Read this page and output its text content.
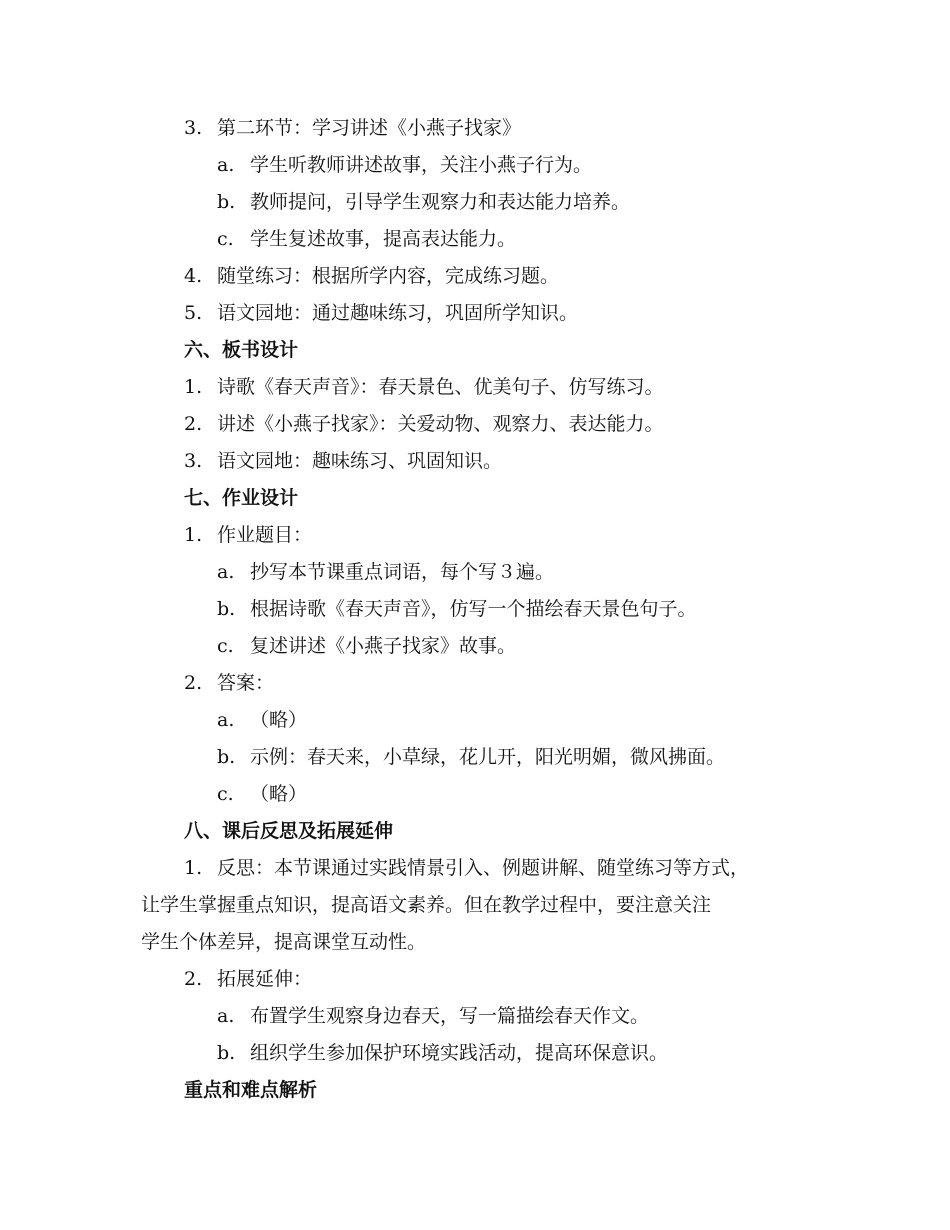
3. 第二环节：学习讲述《小燕子找家》
a. 学生听教师讲述故事，关注小燕子行为。
b. 教师提问，引导学生观察力和表达能力培养。
c. 学生复述故事，提高表达能力。
4. 随堂练习：根据所学内容，完成练习题。
5. 语文园地：通过趣味练习，巩固所学知识。
六、板书设计
1. 诗歌《春天声音》：春天景色、优美句子、仿写练习。
2. 讲述《小燕子找家》：关爱动物、观察力、表达能力。
3. 语文园地：趣味练习、巩固知识。
七、作业设计
1. 作业题目：
a. 抄写本节课重点词语，每个写３遍。
b. 根据诗歌《春天声音》，仿写一个描绘春天景色句子。
c. 复述讲述《小燕子找家》故事。
2. 答案：
a. （略）
b. 示例：春天来，小草绿，花儿开，阳光明媚，微风拂面。
c. （略）
八、课后反思及拓展延伸
1. 反思：本节课通过实践情景引入、例题讲解、随堂练习等方式，
让学生掌握重点知识，提高语文素养。但在教学过程中，要注意关注
学生个体差异，提高课堂互动性。
2. 拓展延伸：
a. 布置学生观察身边春天，写一篇描绘春天作文。
b. 组织学生参加保护环境实践活动，提高环保意识。
重点和难点解析
